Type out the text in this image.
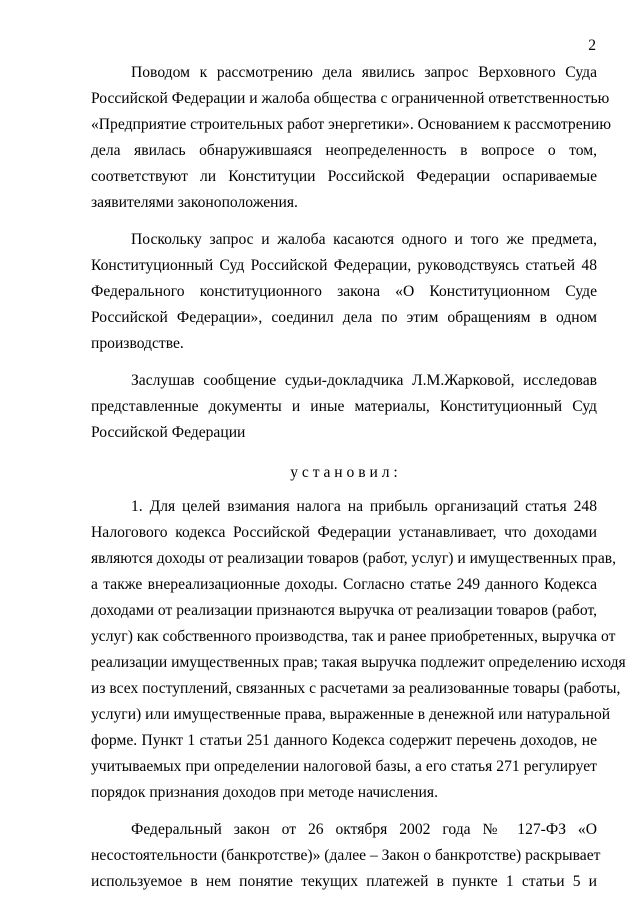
2
Поводом к рассмотрению дела явились запрос Верховного Суда
Российской Федерации и жалоба общества с ограниченной ответственностью
«Предприятие строительных работ энергетики». Основанием к рассмотрению
дела явилась обнаружившаяся неопределенность в вопросе о том,
соответствуют ли Конституции Российской Федерации оспариваемые
заявителями законоположения.
Поскольку запрос и жалоба касаются одного и того же предмета,
Конституционный Суд Российской Федерации, руководствуясь статьей 48
Федерального конституционного закона «О Конституционном Суде
Российской Федерации», соединил дела по этим обращениям в одном
производстве.
Заслушав сообщение судьи-докладчика Л.М.Жарковой, исследовав
представленные документы и иные материалы, Конституционный Суд
Российской Федерации
у с т а н о в и л :
1. Для целей взимания налога на прибыль организаций статья 248
Налогового кодекса Российской Федерации устанавливает, что доходами
являются доходы от реализации товаров (работ, услуг) и имущественных прав,
а также внереализационные доходы. Согласно статье 249 данного Кодекса
доходами от реализации признаются выручка от реализации товаров (работ,
услуг) как собственного производства, так и ранее приобретенных, выручка от
реализации имущественных прав; такая выручка подлежит определению исходя
из всех поступлений, связанных с расчетами за реализованные товары (работы,
услуги) или имущественные права, выраженные в денежной или натуральной
форме. Пункт 1 статьи 251 данного Кодекса содержит перечень доходов, не
учитываемых при определении налоговой базы, а его статья 271 регулирует
порядок признания доходов при методе начисления.
Федеральный закон от 26 октября 2002 года № 127-ФЗ «О
несостоятельности (банкротстве)» (далее – Закон о банкротстве) раскрывает
используемое в нем понятие текущих платежей в пункте 1 статьи 5 и
